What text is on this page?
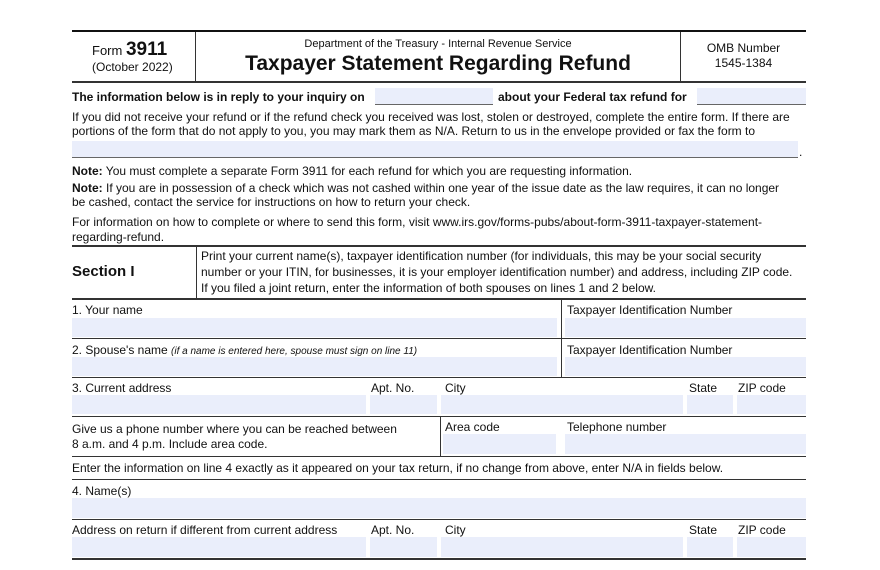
Form 3911
(October 2022)
Department of the Treasury - Internal Revenue Service
Taxpayer Statement Regarding Refund
OMB Number
1545-1384
The information below is in reply to your inquiry on	about your Federal tax refund for
If you did not receive your refund or if the refund check you received was lost, stolen or destroyed, complete the entire form. If there are
portions of the form that do not apply to you, you may mark them as N/A. Return to us in the envelope provided or fax the form to
.
Note: You must complete a separate Form 3911 for each refund for which you are requesting information.
Note: If you are in possession of a check which was not cashed within one year of the issue date as the law requires, it can no longer
be cashed, contact the service for instructions on how to return your check.
For information on how to complete or where to send this form, visit www.irs.gov/forms-pubs/about-form-3911-taxpayer-statement-
regarding-refund.
Section I
Print your current name(s), taxpayer identification number (for individuals, this may be your social security
number or your ITIN, for businesses, it is your employer identification number) and address, including ZIP code.
If you filed a joint return, enter the information of both spouses on lines 1 and 2 below.
1. Your name	Taxpayer Identification Number
2. Spouse's name (if a name is entered here, spouse must sign on line 11)	Taxpayer Identification Number
3. Current address	Apt. No.	City	State ZIP code
Give us a phone number where you can be reached between
8 a.m. and 4 p.m. Include area code.
Area code	Telephone number
Enter the information on line 4 exactly as it appeared on your tax return, if no change from above, enter N/A in fields below.
4. Name(s)
Address on return if different from current address	Apt. No.	City	State ZIP code
